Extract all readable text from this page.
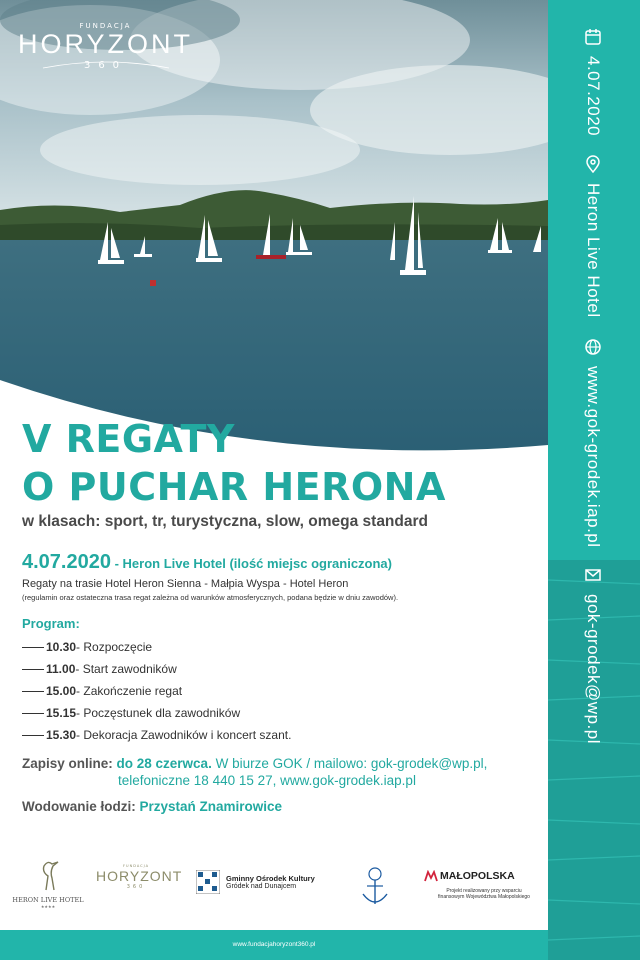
FUNDACJA
HORYZONT
360	4.07.2020
Heron Live Hotel
www.gok-grodek.iap.pl
gok-grodek@wp.pl
V REGATY
O PUCHAR HERONA
w klasach: sport, tr, turystyczna, slow, omega standard
4.07.2020 - Heron Live Hotel (ilość miejsc ograniczona)
Regaty na trasie Hotel Heron Sienna - Małpia Wyspa - Hotel Heron
(regulamin oraz ostateczna trasa regat zależna od warunków atmosferycznych, podana będzie w dniu zawodów).
Program:
10.30 - Rozpoczęcie
11.00 - Start zawodników
15.00 - Zakończenie regat
15.15 - Poczęstunek dla zawodników
15.30 - Dekoracja Zawodników i koncert szant.
Zapisy online: do 28 czerwca. W biurze GOK / mailowo: gok-grodek@wp.pl,
telefoniczne 18 440 15 27, www.gok-grodek.iap.pl
Wodowanie łodzi: Przystań Znamirowice
HERON LIVE HOTEL
★★★★
FUNDACJA
HORYZONT
360
Gminny Ośrodek Kultury
Gródek nad Dunajcem
MAŁOPOLSKA
Projekt realizowany przy wsparciu
finansowym Województwa Małopolskiego
www.fundacjahoryzont360.pl
